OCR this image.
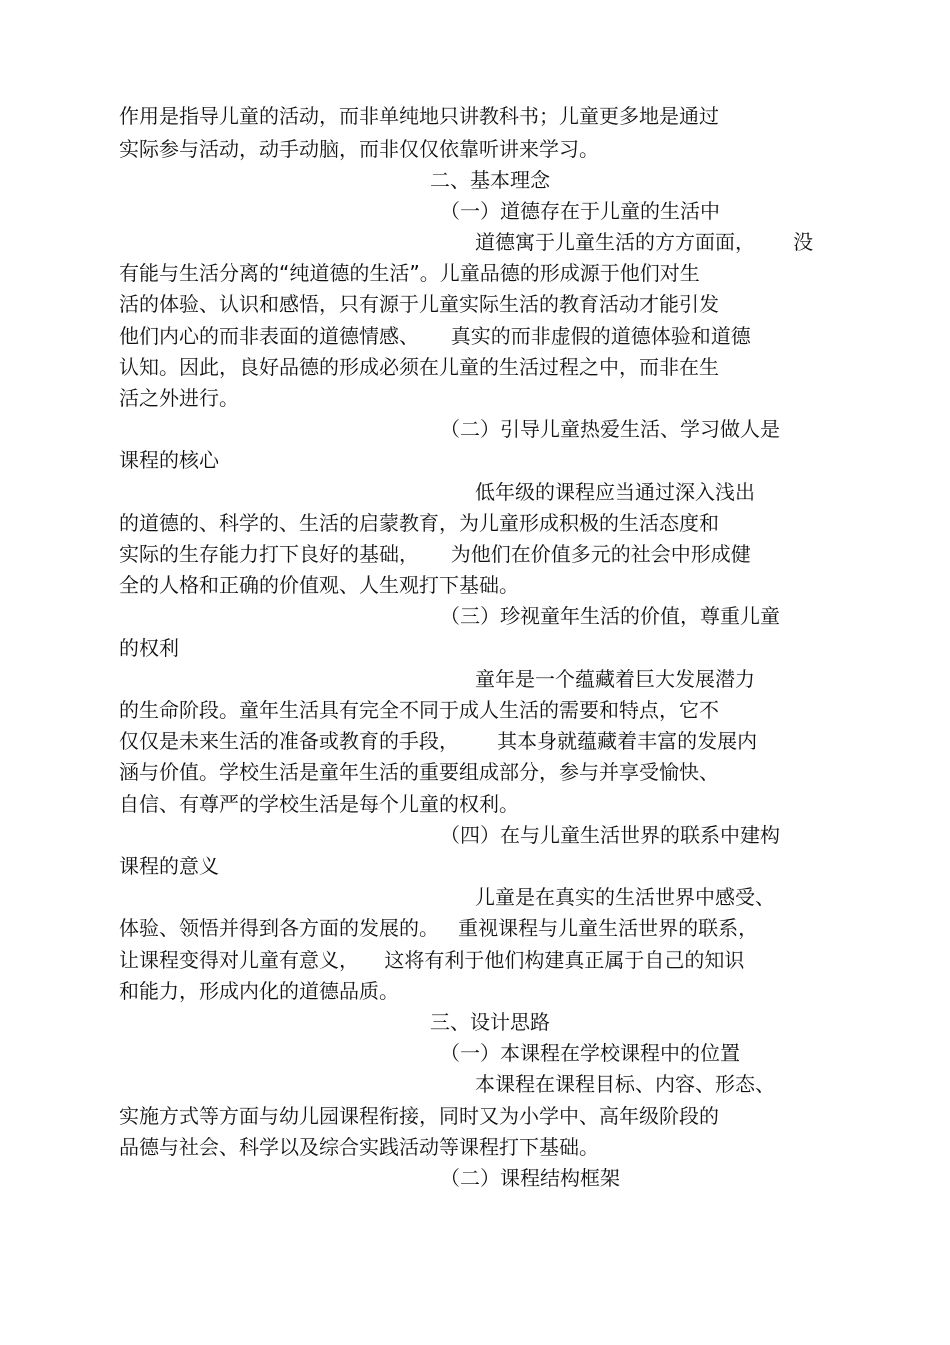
作用是指导儿童的活动，而非单纯地只讲教科书；儿童更多地是通过
实际参与活动，动手动脑，而非仅仅依靠听讲来学习。
二、基本理念
（一）道德存在于儿童的生活中
道德寓于儿童生活的方方面面，      没
有能与生活分离的“纯道德的生活”。儿童品德的形成源于他们对生
活的体验、认识和感悟，只有源于儿童实际生活的教育活动才能引发
他们内心的而非表面的道德情感、     真实的而非虚假的道德体验和道德
认知。因此，良好品德的形成必须在儿童的生活过程之中，而非在生
活之外进行。
（二）引导儿童热爱生活、学习做人是
课程的核心
低年级的课程应当通过深入浅出
的道德的、科学的、生活的启蒙教育，为儿童形成积极的生活态度和
实际的生存能力打下良好的基础，     为他们在价值多元的社会中形成健
全的人格和正确的价值观、人生观打下基础。
（三）珍视童年生活的价值，尊重儿童
的权利
童年是一个蕴藏着巨大发展潜力
的生命阶段。童年生活具有完全不同于成人生活的需要和特点，它不
仅仅是未来生活的准备或教育的手段，      其本身就蕴藏着丰富的发展内
涵与价值。学校生活是童年生活的重要组成部分，参与并享受愉快、
自信、有尊严的学校生活是每个儿童的权利。
（四）在与儿童生活世界的联系中建构
课程的意义
儿童是在真实的生活世界中感受、
体验、领悟并得到各方面的发展的。   重视课程与儿童生活世界的联系，
让课程变得对儿童有意义，    这将有利于他们构建真正属于自己的知识
和能力，形成内化的道德品质。
三、设计思路
（一）本课程在学校课程中的位置
本课程在课程目标、内容、形态、
实施方式等方面与幼儿园课程衔接，同时又为小学中、高年级阶段的
品德与社会、科学以及综合实践活动等课程打下基础。
（二）课程结构框架
